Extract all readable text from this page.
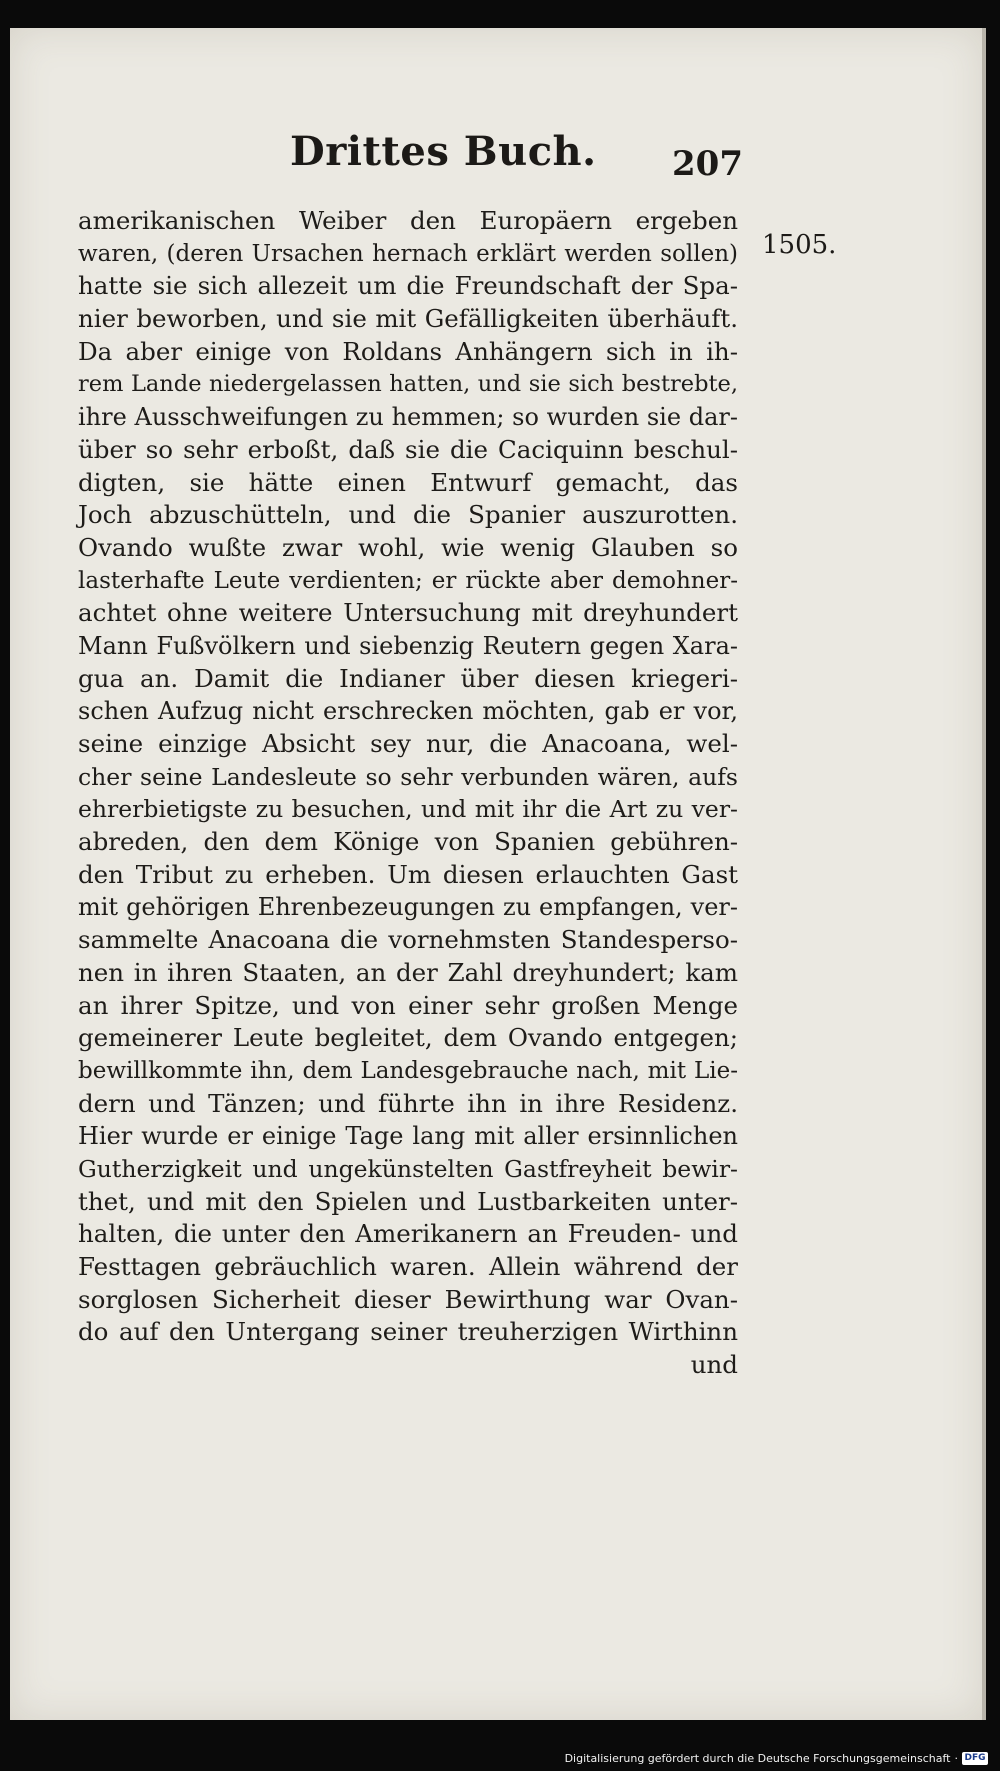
Drittes Buch. 207
1505.
amerikanischen Weiber den Europäern ergeben
waren, (deren Ursachen hernach erklärt werden sollen)
hatte sie sich allezeit um die Freundschaft der Spa-
nier beworben, und sie mit Gefälligkeiten überhäuft.
Da aber einige von Roldans Anhängern sich in ih-
rem Lande niedergelassen hatten, und sie sich bestrebte,
ihre Ausschweifungen zu hemmen; so wurden sie dar-
über so sehr erboßt, daß sie die Caciquinn beschul-
digten, sie hätte einen Entwurf gemacht, das
Joch abzuschütteln, und die Spanier auszurotten.
Ovando wußte zwar wohl, wie wenig Glauben so
lasterhafte Leute verdienten; er rückte aber demohner-
achtet ohne weitere Untersuchung mit dreyhundert
Mann Fußvölkern und siebenzig Reutern gegen Xara-
gua an. Damit die Indianer über diesen kriegeri-
schen Aufzug nicht erschrecken möchten, gab er vor,
seine einzige Absicht sey nur, die Anacoana, wel-
cher seine Landesleute so sehr verbunden wären, aufs
ehrerbietigste zu besuchen, und mit ihr die Art zu ver-
abreden, den dem Könige von Spanien gebühren-
den Tribut zu erheben. Um diesen erlauchten Gast
mit gehörigen Ehrenbezeugungen zu empfangen, ver-
sammelte Anacoana die vornehmsten Standesperso-
nen in ihren Staaten, an der Zahl dreyhundert; kam
an ihrer Spitze, und von einer sehr großen Menge
gemeinerer Leute begleitet, dem Ovando entgegen;
bewillkommte ihn, dem Landesgebrauche nach, mit Lie-
dern und Tänzen; und führte ihn in ihre Residenz.
Hier wurde er einige Tage lang mit aller ersinnlichen
Gutherzigkeit und ungekünstelten Gastfreyheit bewir-
thet, und mit den Spielen und Lustbarkeiten unter-
halten, die unter den Amerikanern an Freuden- und
Festtagen gebräuchlich waren. Allein während der
sorglosen Sicherheit dieser Bewirthung war Ovan-
do auf den Untergang seiner treuherzigen Wirthinn
und
Digitalisierung gefördert durch die Deutsche Forschungsgemeinschaft · DFG
